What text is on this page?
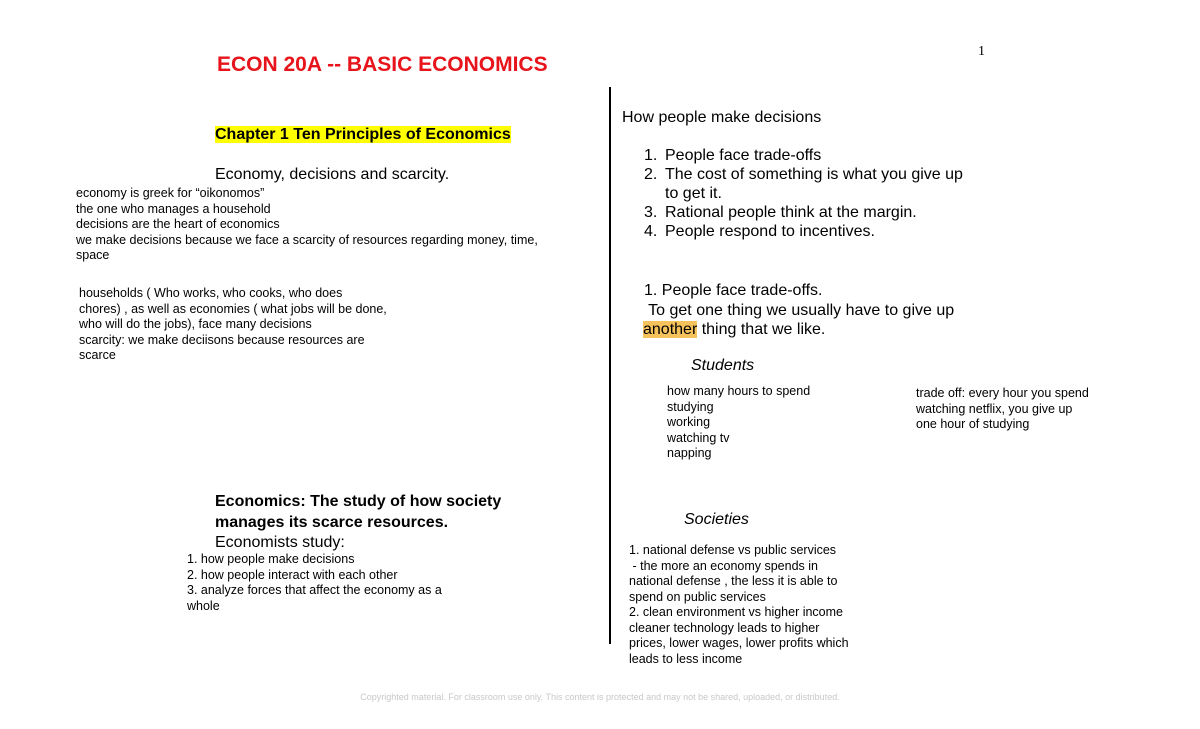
1
ECON 20A -- BASIC ECONOMICS
Chapter 1 Ten Principles of Economics
Economy, decisions and scarcity.
economy is greek for “oikonomos”
the one who manages a household
decisions are the heart of economics
we make decisions because we face a scarcity of resources regarding money, time,
space
households ( Who works, who cooks, who does
chores) , as well as economies ( what jobs will be done,
who will do the jobs), face many decisions
scarcity: we make deciisons because resources are
scarce
Economics: The study of how society
manages its scarce resources.
Economists study:
1. how people make decisions
2. how people interact with each other
3. analyze forces that affect the economy as a
whole
How people make decisions
1. People face trade-offs
2. The cost of something is what you give up
to get it.
3. Rational people think at the margin.
4. People respond to incentives.
1. People face trade-offs.
To get one thing we usually have to give up
another thing that we like.
Students
how many hours to spend
studying
working
watching tv
napping
trade off: every hour you spend
watching netflix, you give up
one hour of studying
Societies
1. national defense vs public services
- the more an economy spends in
national defense , the less it is able to
spend on public services
2. clean environment vs higher income
cleaner technology leads to higher
prices, lower wages, lower profits which
leads to less income
Copyrighted material. For classroom use only. This content is protected and may not be shared, uploaded, or distributed.
